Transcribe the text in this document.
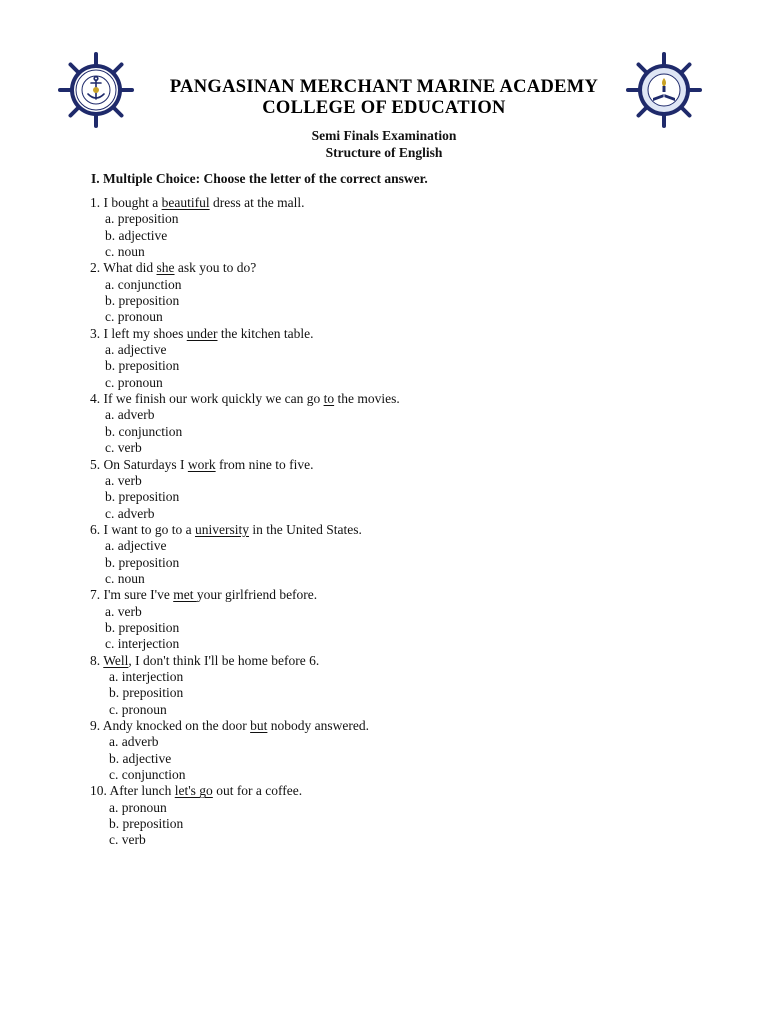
PANGASINAN MERCHANT MARINE ACADEMY
COLLEGE OF EDUCATION
Semi Finals Examination
Structure of English
I. Multiple Choice: Choose the letter of the correct answer.
1. I bought a beautiful dress at the mall.
a. preposition
b. adjective
c. noun
2. What did she ask you to do?
a. conjunction
b. preposition
c. pronoun
3. I left my shoes under the kitchen table.
a. adjective
b. preposition
c. pronoun
4. If we finish our work quickly we can go to the movies.
a. adverb
b. conjunction
c. verb
5. On Saturdays I work from nine to five.
a. verb
b. preposition
c. adverb
6. I want to go to a university in the United States.
a. adjective
b. preposition
c. noun
7. I'm sure I've met your girlfriend before.
a. verb
b. preposition
c. interjection
8. Well, I don't think I'll be home before 6.
a. interjection
b. preposition
c. pronoun
9. Andy knocked on the door but nobody answered.
a. adverb
b. adjective
c. conjunction
10. After lunch let's go out for a coffee.
a. pronoun
b. preposition
c. verb
